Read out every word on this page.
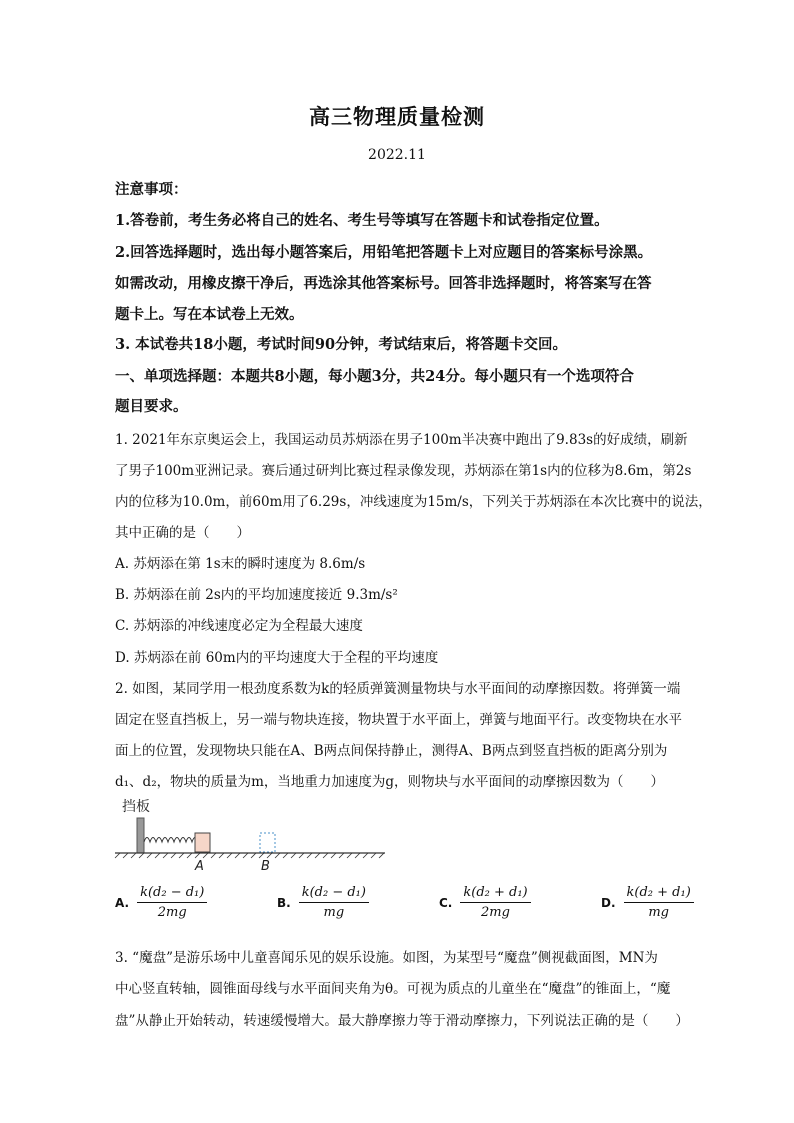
高三物理质量检测
2022.11
注意事项：
1.答卷前，考生务必将自己的姓名、考生号等填写在答题卡和试卷指定位置。
2.回答选择题时，选出每小题答案后，用铅笔把答题卡上对应题目的答案标号涂黑。
如需改动，用橡皮擦干净后，再选涂其他答案标号。回答非选择题时，将答案写在答
题卡上。写在本试卷上无效。
3. 本试卷共18小题，考试时间90分钟，考试结束后，将答题卡交回。
一、单项选择题：本题共8小题，每小题3分，共24分。每小题只有一个选项符合
题目要求。
1. 2021年东京奥运会上，我国运动员苏炳添在男子100m半决赛中跑出了9.83s的好成绩，刷新
了男子100m亚洲记录。赛后通过研判比赛过程录像发现，苏炳添在第1s内的位移为8.6m，第2s
内的位移为10.0m，前60m用了6.29s，冲线速度为15m/s，下列关于苏炳添在本次比赛中的说法，
其中正确的是（　　）
A. 苏炳添在第 1s末的瞬时速度为 8.6m/s
B. 苏炳添在前 2s内的平均加速度接近 9.3m/s²
C. 苏炳添的冲线速度必定为全程最大速度
D. 苏炳添在前 60m内的平均速度大于全程的平均速度
2. 如图，某同学用一根劲度系数为k的轻质弹簧测量物块与水平面间的动摩擦因数。将弹簧一端
固定在竖直挡板上，另一端与物块连接，物块置于水平面上，弹簧与地面平行。改变物块在水平
面上的位置，发现物块只能在A、B两点间保持静止，测得A、B两点到竖直挡板的距离分别为
d₁、d₂，物块的质量为m，当地重力加速度为g，则物块与水平面间的动摩擦因数为（　　）
挡板
A	B
A. $\frac{\text{k(d₂ − d₁)}}{2mg}$	B. $\frac{\text{k(d₂ − d₁)}}{mg}$	C. $\frac{\text{k(d₂ + d₁)}}{2mg}$	D. $\frac{\text{k(d₂ + d₁)}}{mg}$
3. “魔盘”是游乐场中儿童喜闻乐见的娱乐设施。如图，为某型号“魔盘”侧视截面图，MN为
中心竖直转轴，圆锥面母线与水平面间夹角为θ。可视为质点的儿童坐在“魔盘”的锥面上，“魔
盘”从静止开始转动，转速缓慢增大。最大静摩擦力等于滑动摩擦力，下列说法正确的是（　　）
